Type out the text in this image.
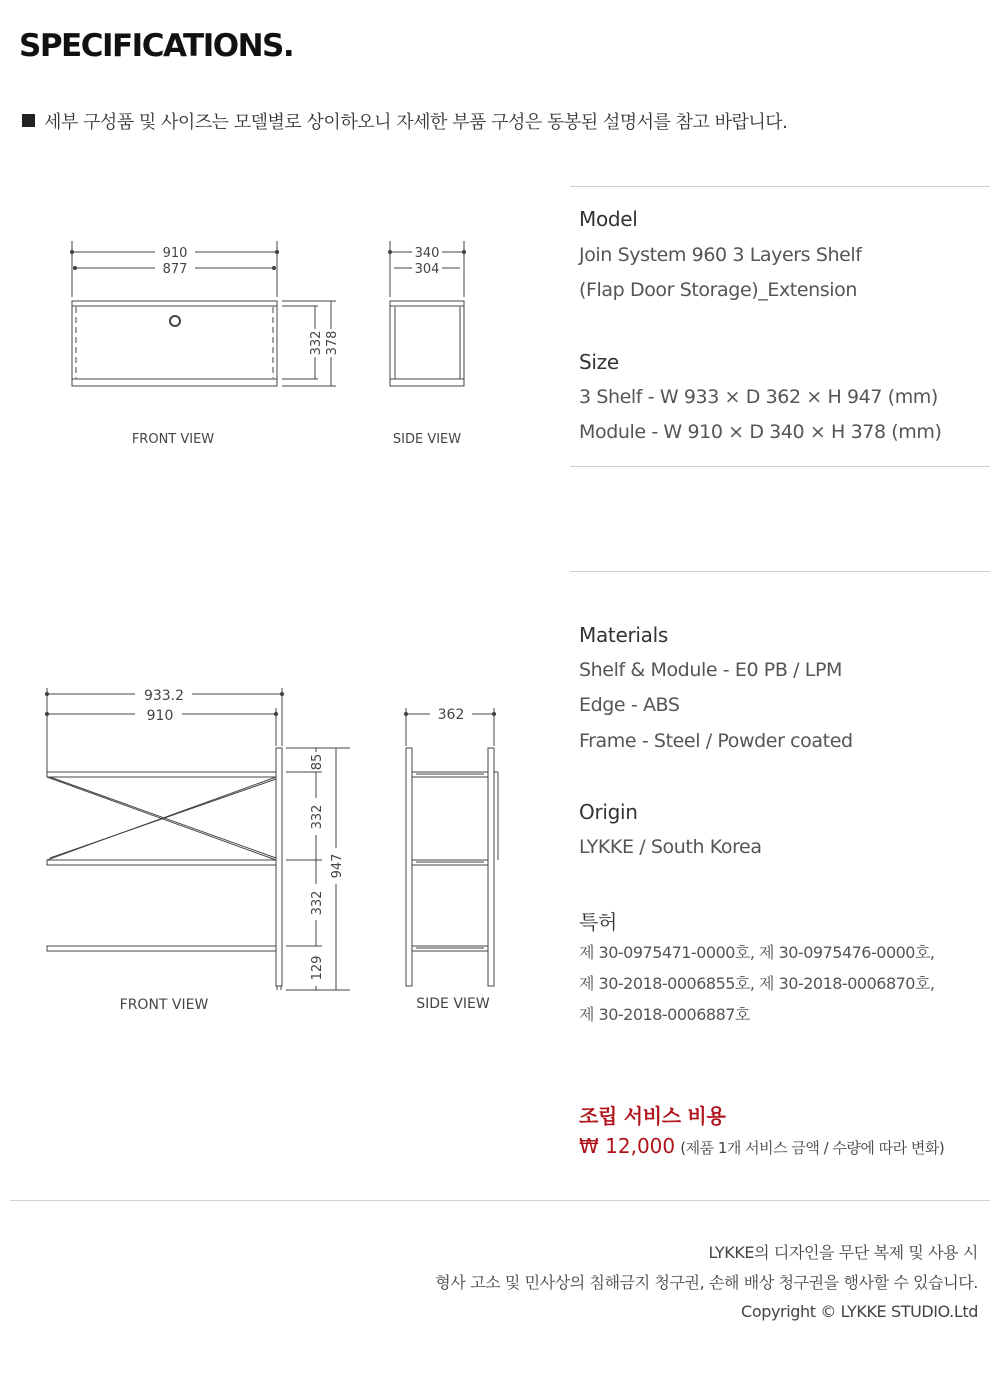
SPECIFICATIONS.
세부 구성품 및 사이즈는 모델별로 상이하오니 자세한 부품 구성은 동봉된 설명서를 참고 바랍니다.
910
877
332 378
340
304
FRONT VIEW	SIDE VIEW
933.2
910
85
332
332
129
947
362
FRONT VIEW	SIDE VIEW
Model
Join System 960 3 Layers Shelf
(Flap Door Storage)_Extension
Size
3 Shelf - W 933 × D 362 × H 947 (mm)
Module - W 910 × D 340 × H 378 (mm)
Materials
Shelf & Module - E0 PB / LPM
Edge - ABS
Frame - Steel / Powder coated
Origin
LYKKE / South Korea
특허
제 30-0975471-0000호, 제 30-0975476-0000호,
제 30-2018-0006855호, 제 30-2018-0006870호,
제 30-2018-0006887호
조립 서비스 비용
₩ 12,000 (제품 1개 서비스 금액 / 수량에 따라 변화)
LYKKE의 디자인을 무단 복제 및 사용 시
형사 고소 및 민사상의 침해금지 청구권, 손해 배상 청구권을 행사할 수 있습니다.
Copyright © LYKKE STUDIO.Ltd
